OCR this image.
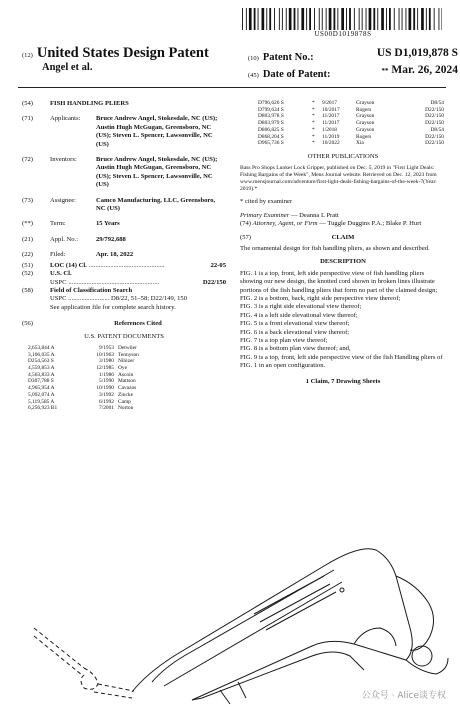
US00D1019878S
(12) United States Design Patent
Angel et al.
(10) Patent No.:	US D1,019,878 S
(45) Date of Patent:	** Mar. 26, 2024
(54)	FISH HANDLING PLIERS
(71)	Applicants:	Bruce Andrew Angel, Stokesdale, NC (US); Austin Hugh McGugan, Greensboro, NC (US); Steven L. Spencer, Lawsonville, NC (US)
(72)	Inventors:	Bruce Andrew Angel, Stokesdale, NC (US); Austin Hugh McGugan, Greensboro, NC (US); Steven L. Spencer, Lawsonville, NC (US)
(73)	Assignee:	Camco Manufacturing, LLC, Greensboro, NC (US)
(**)	Term:	15 Years
(21)	Appl. No.:	29/792,688
(22)	Filed:	Apr. 18, 2022
(51)	LOC (14) Cl. ..............................................	22-05
(52)	U.S. Cl.
USPC .......................................................	D22/150
(58)	Field of Classification Search
USPC ......................... D8/22, 51–58; D22/149, 150
See application file for complete search history.
(56)	References Cited
U.S. PATENT DOCUMENTS
2,653,844 A	9/1953 Detwiler
3,106,035 A	10/1963 Tennyson
D254,563 S	3/1980 Nihizer
4,559,853 A	12/1985 Oye
4,563,833 A	1/1986 Ascoin
D307,788 S	5/1990 Mattson
4,965,954 A	10/1990 Cavazos
5,092,074 A	3/1992 Zincke
5,119,585 A	6/1992 Camp
6,256,923 B1	7/2001 Norton
D796,626 S	*	9/2017	Grayson	D8/54
D799,634 S	*	10/2017	Rogers	D22/150
D803,978 S	*	11/2017	Grayson	D22/150
D803,979 S	*	11/2017	Grayson	D22/150
D806,825 S	*	1/2018	Grayson	D8/54
D868,204 S	*	11/2019	Rogers	D22/150
D965,736 S	*	10/2022	Xia	D22/150
OTHER PUBLICATIONS
Bass Pro Shops Lunker Lock Gripper, published on Dec. 5, 2019 in "First Light Deals: Fishing Bargains of the Week", Mens Journal website. Retrieved on Dec. 12, 2023 from www.mensjournal.com/adventure/first-light-deals-fishing-bargains-of-the-week-7(Year: 2019).*
* cited by examiner
Primary Examiner — Deanna L Pratt
(74) Attorney, Agent, or Firm — Tuggle Duggins P.A.; Blake P. Hurt
(57)	CLAIM
The ornamental design for fish handling pliers, as shown and described.
DESCRIPTION
FIG. 1 is a top, front, left side perspective view of fish handling pliers showing our new design, the knotted cord shown in broken lines illustrate portions of the fish handling pliers that form no part of the claimed design;
FIG. 2 is a bottom, back, right side perspective view thereof;
FIG. 3 is a right side elevational view thereof;
FIG. 4 is a left side elevational view thereof;
FIG. 5 is a front elevational view thereof;
FIG. 6 is a back elevational view thereof;
FIG. 7 is a top plan view thereof;
FIG. 8 is a bottom plan view thereof; and,
FIG. 9 is a top, front, left side perspective view of the fish Handling pliers of FIG. 1 in an open configuration.
1 Claim, 7 Drawing Sheets
公众号 · Alice谈专权
